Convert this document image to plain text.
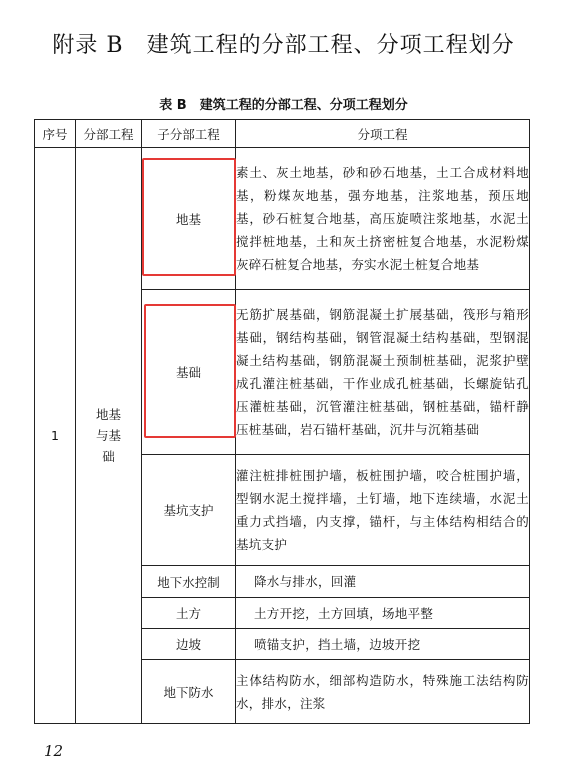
附录 B　建筑工程的分部工程、分项工程划分
表 B　建筑工程的分部工程、分项工程划分
序号	分部工程	子分部工程	分项工程
1	地基与基础	地基	素土、灰土地基，砂和砂石地基，土工合成材料地基，粉煤灰地基，强夯地基，注浆地基，预压地基，砂石桩复合地基，高压旋喷注浆地基，水泥土搅拌桩地基，土和灰土挤密桩复合地基，水泥粉煤灰碎石桩复合地基，夯实水泥土桩复合地基
		基础	无筋扩展基础，钢筋混凝土扩展基础，筏形与箱形基础，钢结构基础，钢管混凝土结构基础，型钢混凝土结构基础，钢筋混凝土预制桩基础，泥浆护壁成孔灌注桩基础，干作业成孔桩基础，长螺旋钻孔压灌桩基础，沉管灌注桩基础，钢桩基础，锚杆静压桩基础，岩石锚杆基础，沉井与沉箱基础
		基坑支护	灌注桩排桩围护墙，板桩围护墙，咬合桩围护墙，型钢水泥土搅拌墙，土钉墙，地下连续墙，水泥土重力式挡墙，内支撑，锚杆，与主体结构相结合的基坑支护
		地下水控制	降水与排水，回灌
		土方	土方开挖，土方回填，场地平整
		边坡	喷锚支护，挡土墙，边坡开挖
		地下防水	主体结构防水，细部构造防水，特殊施工法结构防水，排水，注浆
12
